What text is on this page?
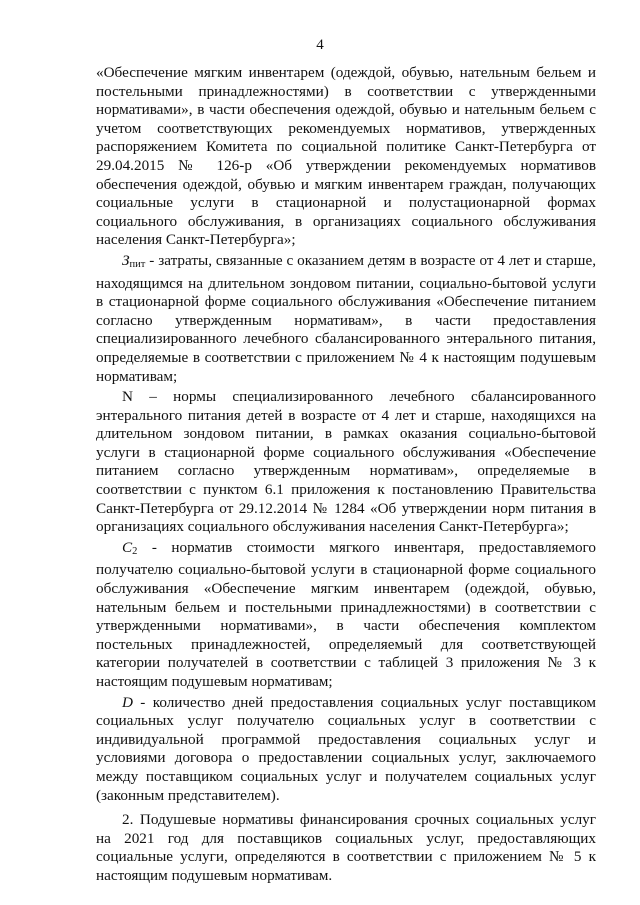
4

«Обеспечение мягким инвентарем (одеждой, обувью, нательным бельем и постельными принадлежностями) в соответствии с утвержденными нормативами», в части обеспечения одеждой, обувью и нательным бельем с учетом соответствующих рекомендуемых нормативов, утвержденных распоряжением Комитета по социальной политике Санкт-Петербурга от 29.04.2015 № 126-р «Об утверждении рекомендуемых нормативов обеспечения одеждой, обувью и мягким инвентарем граждан, получающих социальные услуги в стационарной и полустационарной формах социального обслуживания, в организациях социального обслуживания населения Санкт-Петербурга»;

Зпит - затраты, связанные с оказанием детям в возрасте от 4 лет и старше, находящимся на длительном зондовом питании, социально-бытовой услуги в стационарной форме социального обслуживания «Обеспечение питанием согласно утвержденным нормативам», в части предоставления специализированного лечебного сбалансированного энтерального питания, определяемые в соответствии с приложением № 4 к настоящим подушевым нормативам;

N – нормы специализированного лечебного сбалансированного энтерального питания детей в возрасте от 4 лет и старше, находящихся на длительном зондовом питании, в рамках оказания социально-бытовой услуги в стационарной форме социального обслуживания «Обеспечение питанием согласно утвержденным нормативам», определяемые в соответствии с пунктом 6.1 приложения к постановлению Правительства Санкт-Петербурга от 29.12.2014 № 1284 «Об утверждении норм питания в организациях социального обслуживания населения Санкт-Петербурга»;

C2 - норматив стоимости мягкого инвентаря, предоставляемого получателю социально-бытовой услуги в стационарной форме социального обслуживания «Обеспечение мягким инвентарем (одеждой, обувью, нательным бельем и постельными принадлежностями) в соответствии с утвержденными нормативами», в части обеспечения комплектом постельных принадлежностей, определяемый для соответствующей категории получателей в соответствии с таблицей 3 приложения № 3 к настоящим подушевым нормативам;

D - количество дней предоставления социальных услуг поставщиком социальных услуг получателю социальных услуг в соответствии с индивидуальной программой предоставления социальных услуг и условиями договора о предоставлении социальных услуг, заключаемого между поставщиком социальных услуг и получателем социальных услуг (законным представителем).

2. Подушевые нормативы финансирования срочных социальных услуг на 2021 год для поставщиков социальных услуг, предоставляющих социальные услуги, определяются в соответствии с приложением № 5 к настоящим подушевым нормативам.
